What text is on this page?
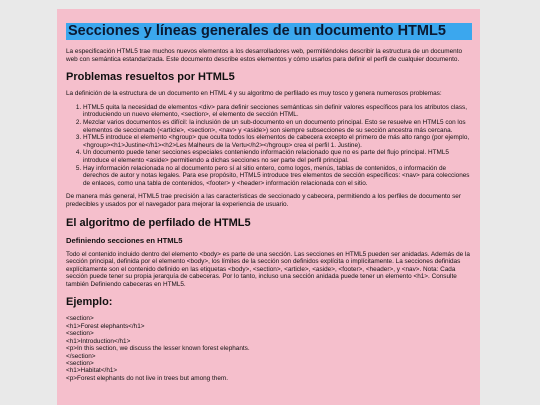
Secciones y líneas generales de un documento HTML5

La especificación HTML5 trae muchos nuevos elementos a los desarrolladores web, permitiéndoles describir la estructura de un documento web con semántica estandarizada. Este documento describe estos elementos y cómo usarlos para definir el perfil de cualquier documento.

Problemas resueltos por HTML5

La definición de la estructura de un documento en HTML 4 y su algoritmo de perfilado es muy tosco y genera numerosos problemas:

1. HTML5 quita la necesidad de elementos <div> para definir secciones semánticas sin definir valores específicos para los atributos class, introduciendo un nuevo elemento, <section>, el elemento de sección HTML.
2. Mezclar varios documentos es difícil: la inclusión de un sub-documento en un documento principal. Esto se resuelve en HTML5 con los elementos de seccionado (<article>, <section>, <nav> y <aside>) son siempre subsecciones de su sección ancestra más cercana.
3. HTML5 introduce el elemento <hgroup> que oculta todos los elementos de cabecera excepto el primero de más alto rango (por ejemplo, <hgroup><h1>Justine</h1><h2>Les Malheurs de la Vertu</h2></hgroup> crea el perfil 1. Justine).
4. Un documento puede tener secciones especiales conteniendo información relacionado que no es parte del flujo principal. HTML5 introduce el elemento <aside> permitiendo a dichas secciones no ser parte del perfil principal.
5. Hay información relacionada no al documento pero sí al sitio entero, como logos, menús, tablas de contenidos, o información de derechos de autor y notas legales. Para ese propósito, HTML5 introduce tres elementos de sección específicos: <nav> para colecciones de enlaces, como una tabla de contenidos, <footer> y <header> información relacionada con el sitio.

De manera más general, HTML5 trae precisión a las características de seccionado y cabecera, permitiendo a los perfiles de documento ser predecibles y usados por el navegador para mejorar la experiencia de usuario.

El algoritmo de perfilado de HTML5
Definiendo secciones en HTML5

Todo el contenido incluido dentro del elemento <body> es parte de una sección. Las secciones en HTML5 pueden ser anidadas. Además de la sección principal, definida por el elemento <body>, los límites de la sección son definidos explícita o implícitamente. La secciones definidas explícitamente son el contenido definido en las etiquetas <body>, <section>, <article>, <aside>, <footer>, <header>, y <nav>. Nota: Cada sección puede tener su propia jerarquía de cabeceras. Por lo tanto, incluso una sección anidada puede tener un elemento <h1>. Consulte también Definiendo cabeceras en HTML5.

Ejemplo:
<section>
<h1>Forest elephants</h1>
<section>
<h1>Introduction</h1>
<p>In this section, we discuss the lesser known forest elephants.
</section>
<section>
<h1>Habitat</h1>
<p>Forest elephants do not live in trees but among them.
